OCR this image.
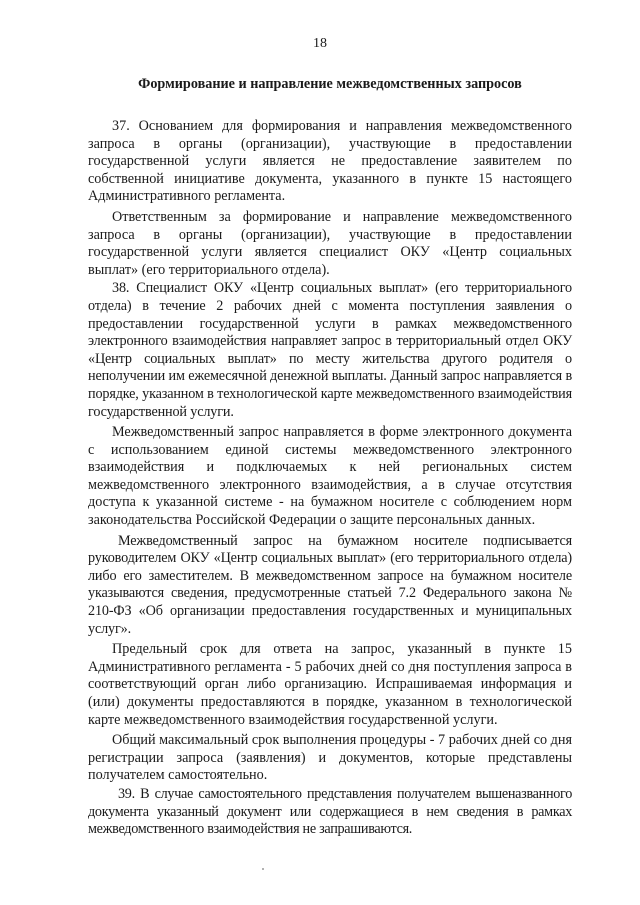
18
Формирование и направление межведомственных запросов

37. Основанием для формирования и направления межведомственного запроса в органы (организации), участвующие в предоставлении государственной услуги является не предоставление заявителем по собственной инициативе документа, указанного в пункте 15 настоящего Административного регламента.

Ответственным за формирование и направление межведомственного запроса в органы (организации), участвующие в предоставлении государственной услуги является специалист ОКУ «Центр социальных выплат» (его территориального отдела).

38. Специалист ОКУ «Центр социальных выплат» (его территориального отдела) в течение 2 рабочих дней с момента поступления заявления о предоставлении государственной услуги в рамках межведомственного электронного взаимодействия направляет запрос в территориальный отдел ОКУ «Центр социальных выплат» по месту жительства другого родителя о неполучении им ежемесячной денежной выплаты. Данный запрос направляется в порядке, указанном в технологической карте межведомственного взаимодействия государственной услуги.

Межведомственный запрос направляется в форме электронного документа с использованием единой системы межведомственного электронного взаимодействия и подключаемых к ней региональных систем межведомственного электронного взаимодействия, а в случае отсутствия доступа к указанной системе - на бумажном носителе с соблюдением норм законодательства Российской Федерации о защите персональных данных.

Межведомственный запрос на бумажном носителе подписывается руководителем ОКУ «Центр социальных выплат» (его территориального отдела) либо его заместителем. В межведомственном запросе на бумажном носителе указываются сведения, предусмотренные статьей 7.2 Федерального закона № 210-ФЗ «Об организации предоставления государственных и муниципальных услуг».

Предельный срок для ответа на запрос, указанный в пункте 15 Административного регламента - 5 рабочих дней со дня поступления запроса в соответствующий орган либо организацию. Испрашиваемая информация и (или) документы предоставляются в порядке, указанном в технологической карте межведомственного взаимодействия государственной услуги.

Общий максимальный срок выполнения процедуры - 7 рабочих дней со дня регистрации запроса (заявления) и документов, которые представлены получателем самостоятельно.

39. В случае самостоятельного представления получателем вышеназванного документа указанный документ или содержащиеся в нем сведения в рамках межведомственного взаимодействия не запрашиваются.
